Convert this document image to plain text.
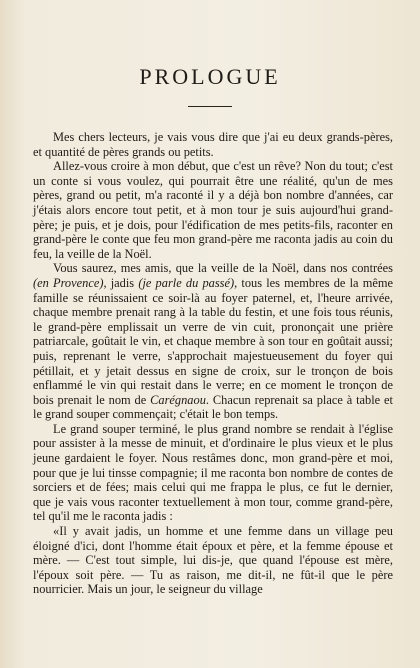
PROLOGUE

Mes chers lecteurs, je vais vous dire que j'ai eu deux grands-pères, et quantité de pères grands ou petits.

Allez-vous croire à mon début, que c'est un rêve? Non du tout; c'est un conte si vous voulez, qui pourrait être une réalité, qu'un de mes pères, grand ou petit, m'a raconté il y a déjà bon nombre d'années, car j'étais alors encore tout petit, et à mon tour je suis aujourd'hui grand-père; je puis, et je dois, pour l'édification de mes petits-fils, raconter en grand-père le conte que feu mon grand-père me raconta jadis au coin du feu, la veille de la Noël.

Vous saurez, mes amis, que la veille de la Noël, dans nos contrées (en Provence), jadis (je parle du passé), tous les membres de la même famille se réunissaient ce soir-là au foyer paternel, et, l'heure arrivée, chaque membre prenait rang à la table du festin, et une fois tous réunis, le grand-père emplissait un verre de vin cuit, prononçait une prière patriarcale, goûtait le vin, et chaque membre à son tour en goûtait aussi; puis, reprenant le verre, s'approchait majestueusement du foyer qui pétillait, et y jetait dessus en signe de croix, sur le tronçon de bois enflammé le vin qui restait dans le verre; en ce moment le tronçon de bois prenait le nom de Carégnaou. Chacun reprenait sa place à table et le grand souper commençait; c'était le bon temps.

Le grand souper terminé, le plus grand nombre se rendait à l'église pour assister à la messe de minuit, et d'ordinaire le plus vieux et le plus jeune gardaient le foyer. Nous restâmes donc, mon grand-père et moi, pour que je lui tinsse compagnie; il me raconta bon nombre de contes de sorciers et de fées; mais celui qui me frappa le plus, ce fut le dernier, que je vais vous raconter textuellement à mon tour, comme grand-père, tel qu'il me le raconta jadis :

«Il y avait jadis, un homme et une femme dans un village peu éloigné d'ici, dont l'homme était époux et père, et la femme épouse et mère. — C'est tout simple, lui dis-je, que quand l'épouse est mère, l'époux soit père. — Tu as raison, me dit-il, ne fût-il que le père nourricier. Mais un jour, le seigneur du village
